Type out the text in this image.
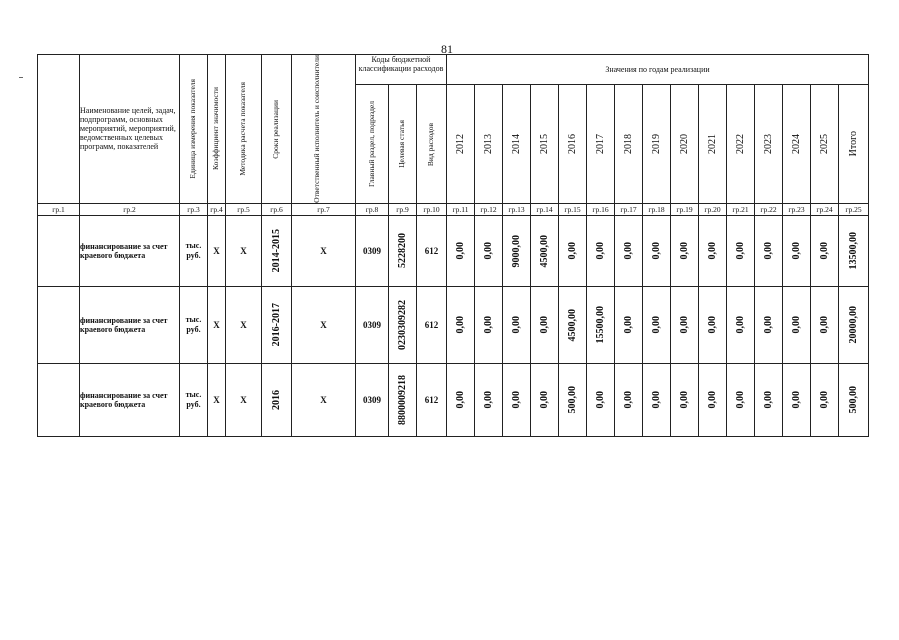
81
	Наименование целей, задач, подпрограмм, основных мероприятий, мероприятий, ведомственных целевых программ, показателей	Единица измерения показателя	Коэффициент значимости	Методика расчета показателя	Сроки реализации	Ответственный исполнитель и соисполнители	Коды бюджетной классификации расходов			Значения по годам реализации														

							Главный раздел, подраздел	Целевая статья	Вид расходов	2012	2013	2014	2015	2016	2017	2018	2019	2020	2021	2022	2023	2024	2025	Итого

гр.1	гр.2	гр.3	гр.4	гр.5	гр.6	гр.7	гр.8	гр.9	гр.10	гр.11	гр.12	гр.13	гр.14	гр.15	гр.16	гр.17	гр.18	гр.19	гр.20	гр.21	гр.22	гр.23	гр.24	гр.25
	финансирование за счет краевого бюджета	тыс. руб.	X	X	2014-2015	X	0309	5228200	612	0,00	0,00	9000,00	4500,00	0,00	0,00	0,00	0,00	0,00	0,00	0,00	0,00	0,00	0,00	13500,00

	финансирование за счет краевого бюджета	тыс. руб.	X	X	2016-2017	X	0309	0230309282	612	0,00	0,00	0,00	0,00	4500,00	15500,00	0,00	0,00	0,00	0,00	0,00	0,00	0,00	0,00	20000,00

	финансирование за счет краевого бюджета	тыс. руб.	X	X	2016	X	0309	8800009218	612	0,00	0,00	0,00	0,00	500,00	0,00	0,00	0,00	0,00	0,00	0,00	0,00	0,00	0,00	500,00
